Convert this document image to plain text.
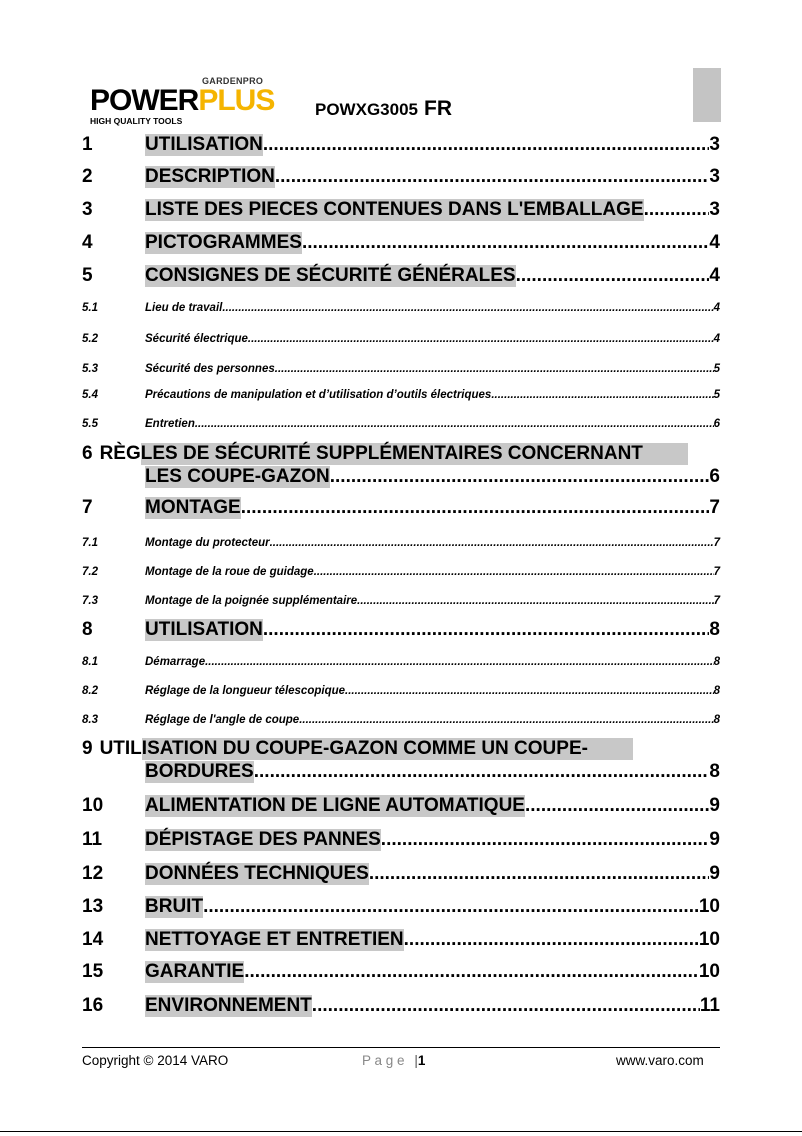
GARDENPRO
POWERPLUS
HIGH QUALITY TOOLS
POWXG3005 FR
1	UTILISATION .....	3
2	DESCRIPTION .....	3
3	LISTE DES PIECES CONTENUES DANS L'EMBALLAGE .....	3
4	PICTOGRAMMES .....	4
5	CONSIGNES DE SÉCURITÉ GÉNÉRALES .....	4
5.1	Lieu de travail .....	4
5.2	Sécurité électrique .....	4
5.3	Sécurité des personnes .....	5
5.4	Précautions de manipulation et d’utilisation d’outils électriques .....	5
5.5	Entretien .....	6
6 RÈG LES DE SÉCURITÉ SUPPLÉMENTAIRES CONCERNANT
LES COUPE-GAZON .....	6
7	MONTAGE .....	7
7.1	Montage du protecteur .....	7
7.2	Montage de la roue de guidage .....	7
7.3	Montage de la poignée supplémentaire .....	7
8	UTILISATION .....	8
8.1	Démarrage .....	8
8.2	Réglage de la longueur télescopique .....	8
8.3	Réglage de l'angle de coupe .....	8
9 UTIL ISATION DU COUPE-GAZON COMME UN COUPE-
BORDURES .....	8
10	ALIMENTATION DE LIGNE AUTOMATIQUE .....	9
11	DÉPISTAGE DES PANNES .....	9
12	DONNÉES TECHNIQUES .....	9
13	BRUIT .....	10
14	NETTOYAGE ET ENTRETIEN .....	10
15	GARANTIE .....	10
16	ENVIRONNEMENT .....	11
Copyright © 2014 VARO	P a g e |1	www.varo.com
